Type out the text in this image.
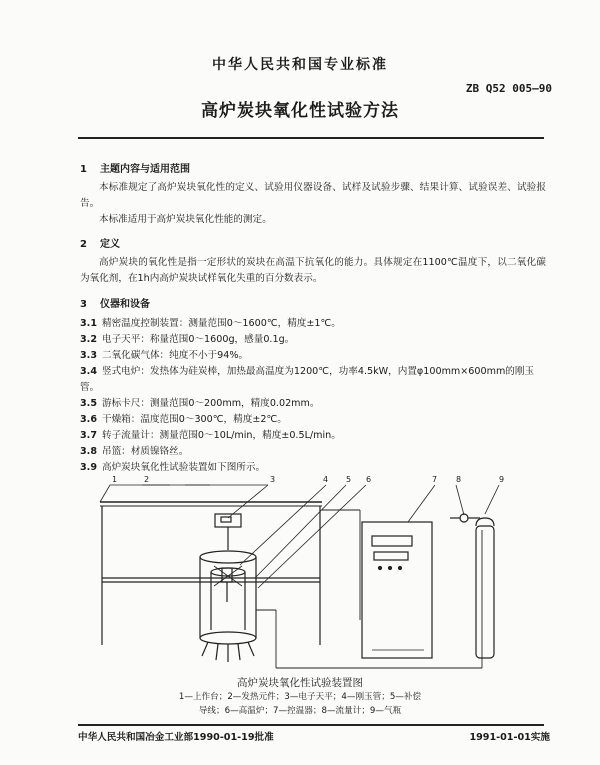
中华人民共和国专业标准
ZB Q52 005—90
高炉炭块氧化性试验方法
1 主题内容与适用范围
本标准规定了高炉炭块氧化性的定义、试验用仪器设备、试样及试验步骤、结果计算、试验误差、试验报告。
本标准适用于高炉炭块氧化性能的测定。
2 定义
高炉炭块的氧化性是指一定形状的炭块在高温下抗氧化的能力。具体规定在1100℃温度下，以二氧化碳为氧化剂，在1h内高炉炭块试样氧化失重的百分数表示。
3 仪器和设备
3.1 精密温度控制装置：测量范围0～1600℃，精度±1℃。
3.2 电子天平：称量范围0～1600g，感量0.1g。
3.3 二氧化碳气体：纯度不小于94%。
3.4 竖式电炉：发热体为硅炭棒，加热最高温度为1200℃，功率4.5kW，内置φ100mm×600mm的刚玉管。
3.5 游标卡尺：测量范围0～200mm，精度0.02mm。
3.6 干燥箱：温度范围0～300℃，精度±2℃。
3.7 转子流量计：测量范围0～10L/min，精度±0.5L/min。
3.8 吊篮：材质镍铬丝。
3.9 高炉炭块氧化性试验装置如下图所示。
1	2	3	4 5 6	7 8	9
高炉炭块氧化性试验装置图
1—上作台；2—发热元件；3—电子天平；4—刚玉管；5—补偿
导线；6—高温炉；7—控温器；8—流量计；9—气瓶
中华人民共和国冶金工业部1990-01-19批准	1991-01-01实施
